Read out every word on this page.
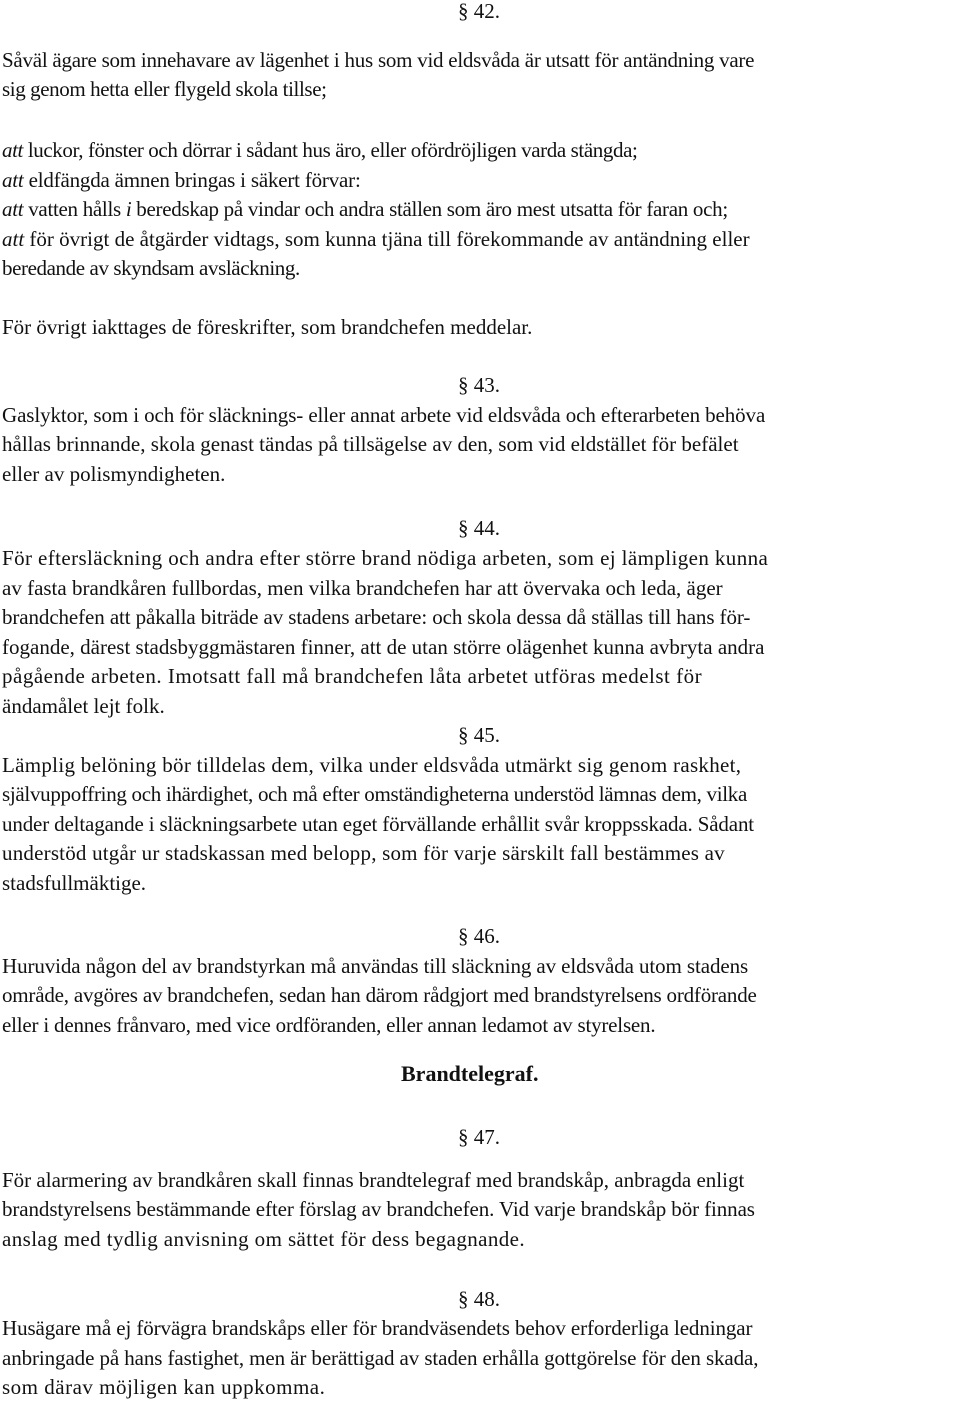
§ 42.
Såväl ägare som innehavare av lägenhet i hus som vid eldsvåda är utsatt för antändning vare
sig genom hetta eller flygeld skola tillse;
att luckor, fönster och dörrar i sådant hus äro, eller ofördröjligen varda stängda;
att eldfängda ämnen bringas i säkert förvar:
att vatten hålls i beredskap på vindar och andra ställen som äro mest utsatta för faran och;
att för övrigt de åtgärder vidtags, som kunna tjäna till förekommande av antändning eller
beredande av skyndsam avsläckning.
För övrigt iakttages de föreskrifter, som brandchefen meddelar.
§ 43.
Gaslyktor, som i och för släcknings- eller annat arbete vid eldsvåda och efterarbeten behöva
hållas brinnande, skola genast tändas på tillsägelse av den, som vid eldstället för befälet
eller av polismyndigheten.
§ 44.
För eftersläckning och andra efter större brand nödiga arbeten, som ej lämpligen kunna
av fasta brandkåren fullbordas, men vilka brandchefen har att övervaka och leda, äger
brandchefen att påkalla biträde av stadens arbetare: och skola dessa då ställas till hans för-
fogande, därest stadsbyggmästaren finner, att de utan större olägenhet kunna avbryta andra
pågående arbeten. Imotsatt fall må brandchefen låta arbetet utföras medelst för
ändamålet lejt folk.
§ 45.
Lämplig belöning bör tilldelas dem, vilka under eldsvåda utmärkt sig genom raskhet,
självuppoffring och ihärdighet, och må efter omständigheterna understöd lämnas dem, vilka
under deltagande i släckningsarbete utan eget förvällande erhållit svår kroppsskada. Sådant
understöd utgår ur stadskassan med belopp, som för varje särskilt fall bestämmes av
stadsfullmäktige.
§ 46.
Huruvida någon del av brandstyrkan må användas till släckning av eldsvåda utom stadens
område, avgöres av brandchefen, sedan han därom rådgjort med brandstyrelsens ordförande
eller i dennes frånvaro, med vice ordföranden, eller annan ledamot av styrelsen.
Brandtelegraf.
§ 47.
För alarmering av brandkåren skall finnas brandtelegraf med brandskåp, anbragda enligt
brandstyrelsens bestämmande efter förslag av brandchefen. Vid varje brandskåp bör finnas
anslag med tydlig anvisning om sättet för dess begagnande.
§ 48.
Husägare må ej förvägra brandskåps eller för brandväsendets behov erforderliga ledningar
anbringade på hans fastighet, men är berättigad av staden erhålla gottgörelse för den skada,
som därav möjligen kan uppkomma.
